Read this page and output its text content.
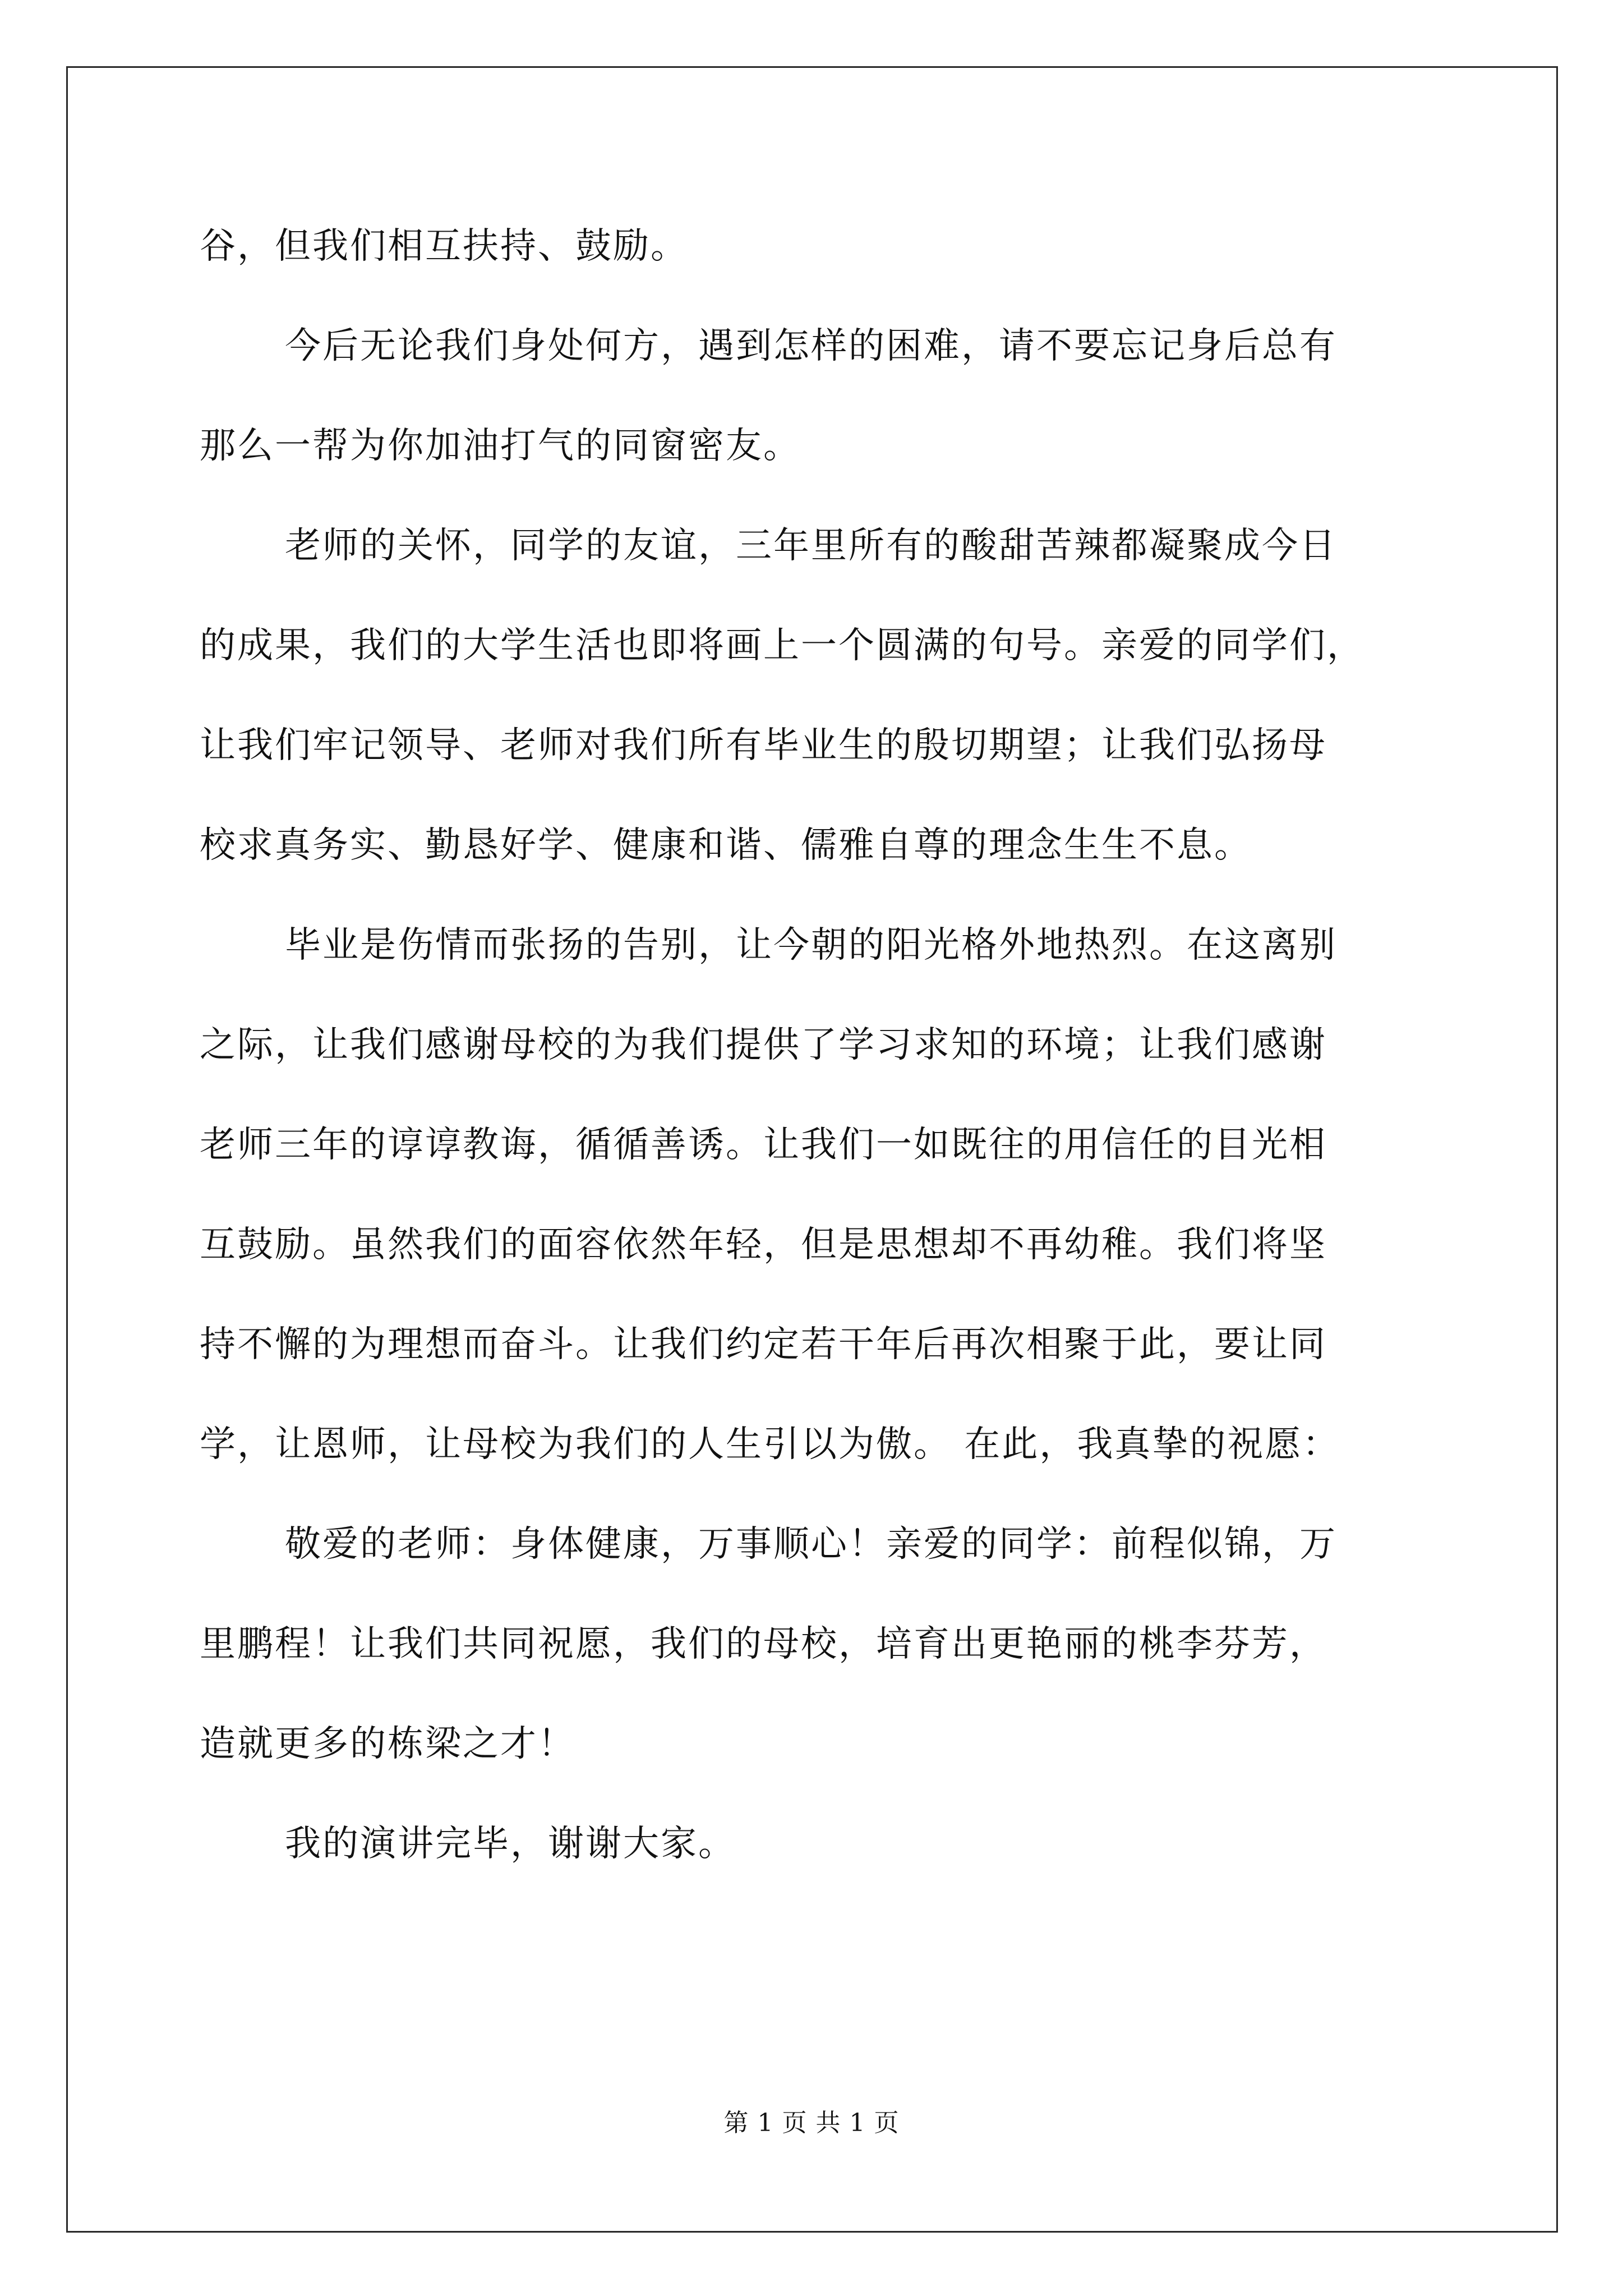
谷，但我们相互扶持、鼓励。
今后无论我们身处何方，遇到怎样的困难，请不要忘记身后总有
那么一帮为你加油打气的同窗密友。
老师的关怀，同学的友谊，三年里所有的酸甜苦辣都凝聚成今日
的成果，我们的大学生活也即将画上一个圆满的句号。亲爱的同学们，
让我们牢记领导、老师对我们所有毕业生的殷切期望；让我们弘扬母
校求真务实、勤恳好学、健康和谐、儒雅自尊的理念生生不息。
毕业是伤情而张扬的告别，让今朝的阳光格外地热烈。在这离别
之际，让我们感谢母校的为我们提供了学习求知的环境；让我们感谢
老师三年的谆谆教诲，循循善诱。让我们一如既往的用信任的目光相
互鼓励。虽然我们的面容依然年轻，但是思想却不再幼稚。我们将坚
持不懈的为理想而奋斗。让我们约定若干年后再次相聚于此，要让同
学，让恩师，让母校为我们的人生引以为傲。 在此，我真挚的祝愿：
敬爱的老师：身体健康，万事顺心！亲爱的同学：前程似锦，万
里鹏程！让我们共同祝愿，我们的母校，培育出更艳丽的桃李芬芳，
造就更多的栋梁之才！
我的演讲完毕，谢谢大家。
第 1 页 共 1 页
